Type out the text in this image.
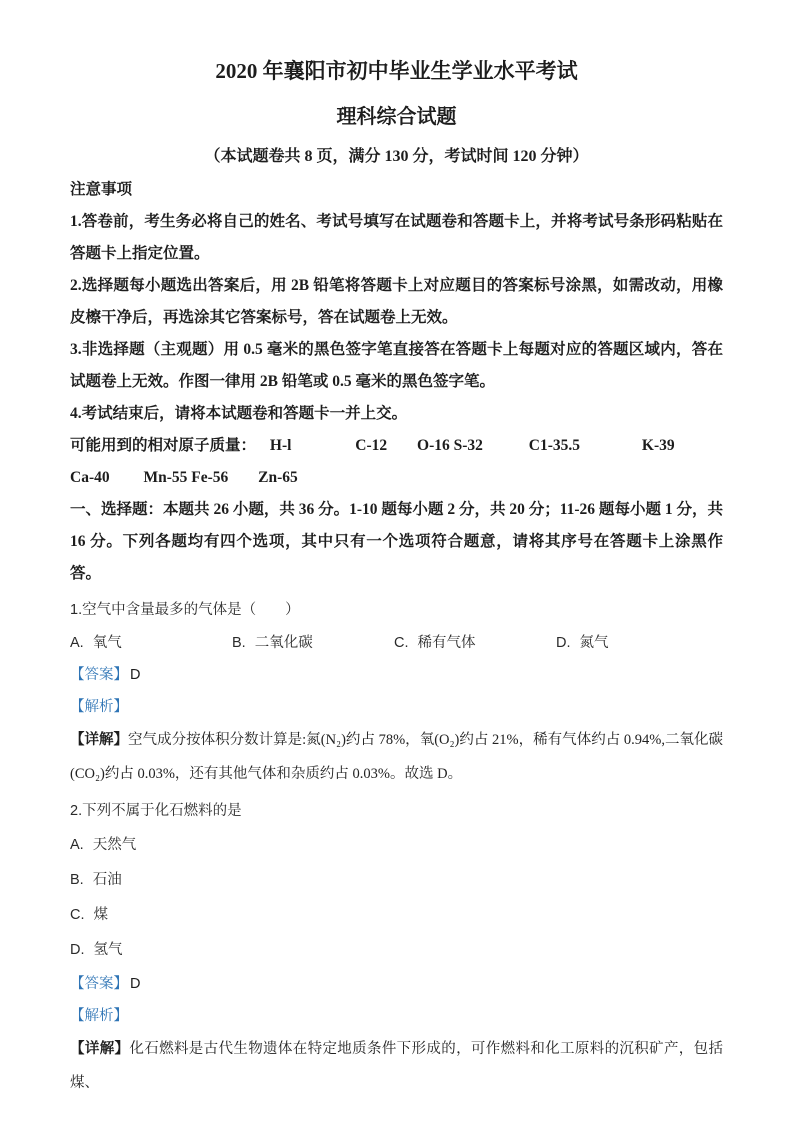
2020 年襄阳市初中毕业生学业水平考试
理科综合试题
（本试题卷共 8 页，满分 130 分，考试时间 120 分钟）

注意事项

1.答卷前，考生务必将自己的姓名、考试号填写在试题卷和答题卡上，并将考试号条形码粘贴在答题卡上指定位置。

2.选择题每小题选出答案后，用 2B 铅笔将答题卡上对应题目的答案标号涂黑，如需改动，用橡皮檫干净后，再选涂其它答案标号，答在试题卷上无效。

3.非选择题（主观题）用 0.5 毫米的黑色签字笔直接答在答题卡上每题对应的答题区域内，答在试题卷上无效。作图一律用 2B 铅笔或 0.5 毫米的黑色签字笔。

4.考试结束后，请将本试题卷和答题卡一并上交。

可能用到的相对原子质量： H-l	C-12 O-16 S-32	C1-35.5	K-39
Ca-40 Mn-55 Fe-56 Zn-65

一、选择题：本题共 26 小题，共 36 分。1-10 题每小题 2 分，共 20 分；11-26 题每小题 1 分，共 16 分。下列各题均有四个选项，其中只有一个选项符合题意，请将其序号在答题卡上涂黑作答。

1.空气中含量最多的气体是（　　）

A. 氧气	B. 二氧化碳	C. 稀有气体	D. 氮气

【答案】 D

【解析】

【详解】空气成分按体积分数计算是:氮(N₂)约占 78%，氧(O₂)约占 21%，稀有气体约占 0.94%,二氧化碳(CO₂)约占 0.03%，还有其他气体和杂质约占 0.03%。故选 D。

2.下列不属于化石燃料的是

A. 天然气
B. 石油
C. 煤
D. 氢气

【答案】 D

【解析】

【详解】化石燃料是古代生物遗体在特定地质条件下形成的，可作燃料和化工原料的沉积矿产，包括煤、
